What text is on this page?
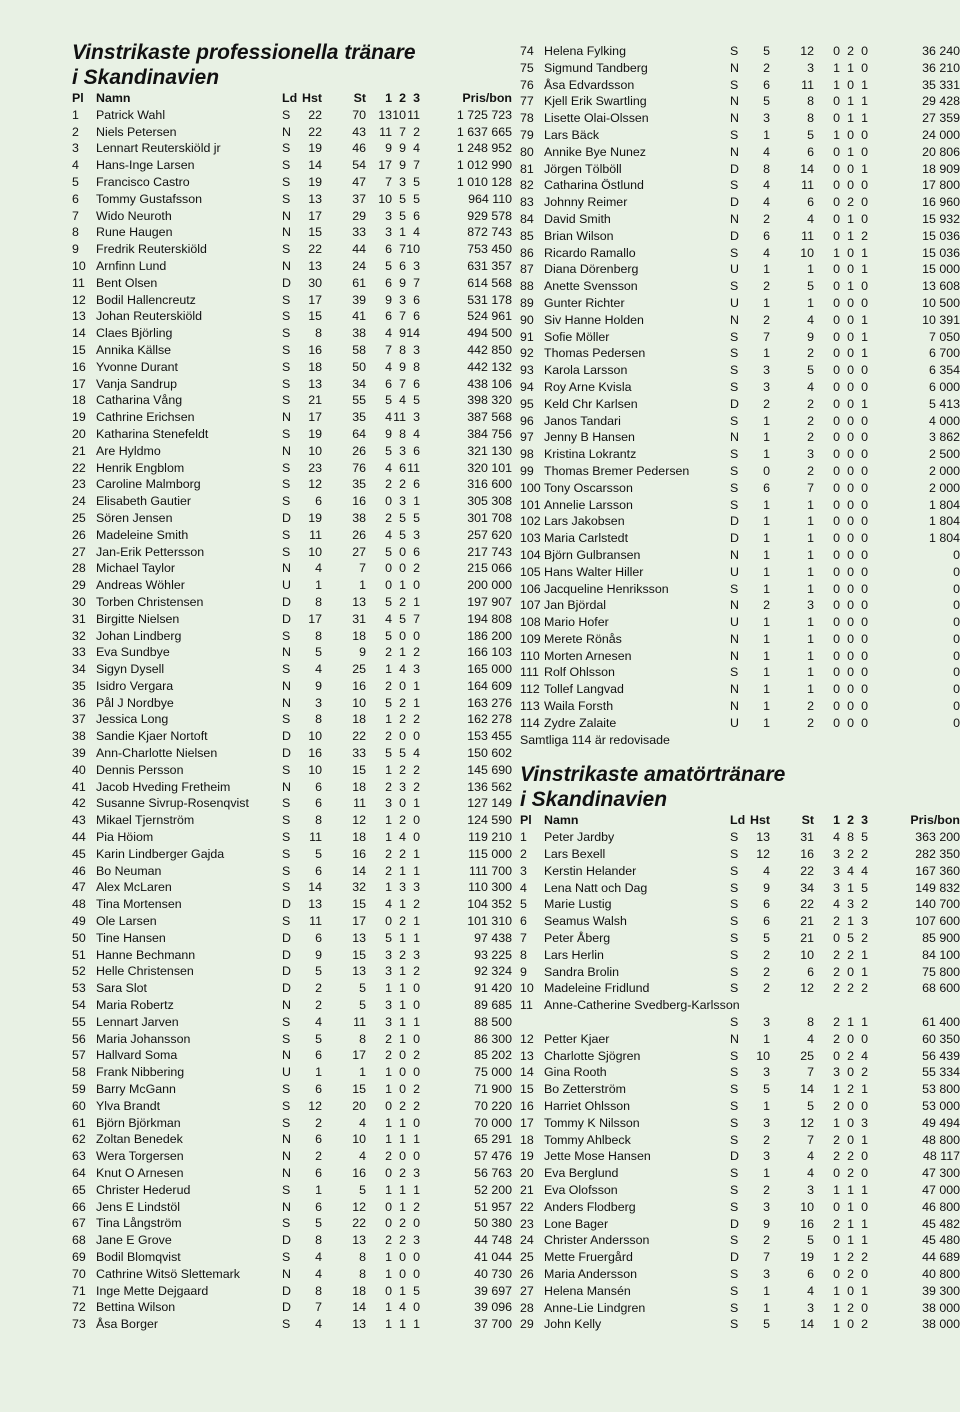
Vinstrikaste professionella tränare
i Skandinavien
Pl Namn	Ld Hst	St	1 2 3	Pris/bon
1	Patrick Wahl	S	22	70 13 10 11	1 725 723
2	Niels Petersen	N	22	43	11 7 2	1 637 665
3	Lennart Reuterskiöld jr	S	19	46	9 9 4	1 248 952
4	Hans-Inge Larsen	S	14	54 17 9 7	1 012 990
5	Francisco Castro	S	19	47	7 3 5	1 010 128
6	Tommy Gustafsson	S	13	37 10 5 5	964 110
7	Wido Neuroth	N	17	29	3 5 6	929 578
8	Rune Haugen	N	15	33	3 1 4	872 743
9	Fredrik Reuterskiöld	S	22	44	6 7 10	753 450
10 Arnfinn Lund	N	13	24	5 6 3	631 357
11 Bent Olsen	D	30	61	6 9 7	614 568
12 Bodil Hallencreutz	S	17	39	9 3 6	531 178
13 Johan Reuterskiöld	S	15	41	6 7 6	524 961
14 Claes Björling	S	8	38	4 9 14	494 500
15 Annika Källse	S	16	58	7 8 3	442 850
16 Yvonne Durant	S	18	50	4 9 8	442 132
17 Vanja Sandrup	S	13	34	6 7 6	438 106
18 Catharina Vång	S	21	55	5 4 5	398 320
19 Cathrine Erichsen	N	17	35	4 11 3	387 568
20 Katharina Stenefeldt	S	19	64	9 8 4	384 756
21 Are Hyldmo	N	10	26	5 3 6	321 130
22 Henrik Engblom	S	23	76	4 6 11	320 101
23 Caroline Malmborg	S	12	35	2 2 6	316 600
24 Elisabeth Gautier	S	6	16	0 3 1	305 308
25 Sören Jensen	D	19	38	2 5 5	301 708
26 Madeleine Smith	S	11	26	4 5 3	257 620
27 Jan-Erik Pettersson	S	10	27	5 0 6	217 743
28 Michael Taylor	N	4	7	0 0 2	215 066
29 Andreas Wöhler	U	1	1	0 1 0	200 000
30 Torben Christensen	D	8	13	5 2 1	197 907
31 Birgitte Nielsen	D	17	31	4 5 7	194 808
32 Johan Lindberg	S	8	18	5 0 0	186 200
33 Eva Sundbye	N	5	9	2 1 2	166 103
34 Sigyn Dysell	S	4	25	1 4 3	165 000
35 Isidro Vergara	N	9	16	2 0 1	164 609
36 Pål J Nordbye	N	3	10	5 2 1	163 276
37 Jessica Long	S	8	18	1 2 2	162 278
38 Sandie Kjaer Nortoft	D	10	22	2 0 0	153 455
39 Ann-Charlotte Nielsen	D	16	33	5 5 4	150 602
40 Dennis Persson	S	10	15	1 2 2	145 690
41 Jacob Hveding Fretheim	N	6	18	2 3 2	136 562
42 Susanne Sivrup-Rosenqvist	S	6	11	3 0 1	127 149
43 Mikael Tjernström	S	8	12	1 2 0	124 590
44 Pia Höiom	S	11	18	1 4 0	119 210
45 Karin Lindberger Gajda	S	5	16	2 2 1	115 000
46 Bo Neuman	S	6	14	2 1 1	111 700
47 Alex McLaren	S	14	32	1 3 3	110 300
48 Tina Mortensen	D	13	15	4 1 2	104 352
49 Ole Larsen	S	11	17	0 2 1	101 310
50 Tine Hansen	D	6	13	5 1 1	97 438
51 Hanne Bechmann	D	9	15	3 2 3	93 225
52 Helle Christensen	D	5	13	3 1 2	92 324
53 Sara Slot	D	2	5	1 1 0	91 420
54 Maria Robertz	N	2	5	3 1 0	89 685
55 Lennart Jarven	S	4	11	3 1 1	88 500
56 Maria Johansson	S	5	8	2 1 0	86 300
57 Hallvard Soma	N	6	17	2 0 2	85 202
58 Frank Nibbering	U	1	1	1 0 0	75 000
59 Barry McGann	S	6	15	1 0 2	71 900
60 Ylva Brandt	S	12	20	0 2 2	70 220
61 Björn Björkman	S	2	4	1 1 0	70 000
62 Zoltan Benedek	N	6	10	1 1 1	65 291
63 Wera Torgersen	N	2	4	2 0 0	57 476
64 Knut O Arnesen	N	6	16	0 2 3	56 763
65 Christer Hederud	S	1	5	1 1 1	52 200
66 Jens E Lindstöl	N	6	12	0 1 2	51 957
67 Tina Långström	S	5	22	0 2 0	50 380
68 Jane E Grove	D	8	13	2 2 3	44 748
69 Bodil Blomqvist	S	4	8	1 0 0	41 044
70 Cathrine Witsö Slettemark	N	4	8	1 0 0	40 730
71 Inge Mette Dejgaard	D	8	18	0 1 5	39 697
72 Bettina Wilson	D	7	14	1 4 0	39 096
73 Åsa Borger	S	4	13	1 1 1	37 700
74 Helena Fylking	S	5	12	0 2 0	36 240
75 Sigmund Tandberg	N	2	3	1 1 0	36 210
76 Åsa Edvardsson	S	6	11	1 0 1	35 331
77 Kjell Erik Swartling	N	5	8	0 1 1	29 428
78 Lisette Olai-Olssen	N	3	8	0 1 1	27 359
79 Lars Bäck	S	1	5	1 0 0	24 000
80 Annike Bye Nunez	N	4	6	0 1 0	20 806
81 Jörgen Tölböll	D	8	14	0 0 1	18 909
82 Catharina Östlund	S	4	11	0 0 0	17 800
83 Johnny Reimer	D	4	6	0 2 0	16 960
84 David Smith	N	2	4	0 1 0	15 932
85 Brian Wilson	D	6	11	0 1 2	15 036
86 Ricardo Ramallo	S	4	10	1 0 1	15 036
87 Diana Dörenberg	U	1	1	0 0 1	15 000
88 Anette Svensson	S	2	5	0 1 0	13 608
89 Gunter Richter	U	1	1	0 0 0	10 500
90 Siv Hanne Holden	N	2	4	0 0 1	10 391
91 Sofie Möller	S	7	9	0 0 1	7 050
92 Thomas Pedersen	S	1	2	0 0 1	6 700
93 Karola Larsson	S	3	5	0 0 0	6 354
94 Roy Arne Kvisla	S	3	4	0 0 0	6 000
95 Keld Chr Karlsen	D	2	2	0 0 1	5 413
96 Janos Tandari	S	1	2	0 0 0	4 000
97 Jenny B Hansen	N	1	2	0 0 0	3 862
98 Kristina Lokrantz	S	1	3	0 0 0	2 500
99 Thomas Bremer Pedersen	S	0	2	0 0 0	2 000
100 Tony Oscarsson	S	6	7	0 0 0	2 000
101 Annelie Larsson	S	1	1	0 0 0	1 804
102 Lars Jakobsen	D	1	1	0 0 0	1 804
103 Maria Carlstedt	D	1	1	0 0 0	1 804
104 Björn Gulbransen	N	1	1	0 0 0	0
105 Hans Walter Hiller	U	1	1	0 0 0	0
106 Jacqueline Henriksson	S	1	1	0 0 0	0
107 Jan Björdal	N	2	3	0 0 0	0
108 Mario Hofer	U	1	1	0 0 0	0
109 Merete Rönås	N	1	1	0 0 0	0
110 Morten Arnesen	N	1	1	0 0 0	0
111 Rolf Ohlsson	S	1	1	0 0 0	0
112 Tollef Langvad	N	1	1	0 0 0	0
113 Waila Forsth	N	1	2	0 0 0	0
114 Zydre Zalaite	U	1	2	0 0 0	0
Samtliga 114 är redovisade
Vinstrikaste amatörtränare
i Skandinavien
Pl Namn	Ld Hst	St	1 2 3	Pris/bon
1	Peter Jardby	S	13	31	4 8 5	363 200
2	Lars Bexell	S	12	16	3 2 2	282 350
3	Kerstin Helander	S	4	22	3 4 4	167 360
4	Lena Natt och Dag	S	9	34	3 1 5	149 832
5	Marie Lustig	S	6	22	4 3 2	140 700
6	Seamus Walsh	S	6	21	2 1 3	107 600
7	Peter Åberg	S	5	21	0 5 2	85 900
8	Lars Herlin	S	2	10	2 2 1	84 100
9	Sandra Brolin	S	2	6	2 0 1	75 800
10 Madeleine Fridlund	S	2	12	2 2 2	68 600
11 Anne-Catherine Svedberg-Karlsson
S	3	8	2 1 1	61 400
12 Petter Kjaer	N	1	4	2 0 0	60 350
13 Charlotte Sjögren	S	10	25	0 2 4	56 439
14 Gina Rooth	S	3	7	3 0 2	55 334
15 Bo Zetterström	S	5	14	1 2 1	53 800
16 Harriet Ohlsson	S	1	5	2 0 0	53 000
17 Tommy K Nilsson	S	3	12	1 0 3	49 494
18 Tommy Ahlbeck	S	2	7	2 0 1	48 800
19 Jette Mose Hansen	D	3	4	2 2 0	48 117
20 Eva Berglund	S	1	4	0 2 0	47 300
21 Eva Olofsson	S	2	3	1 1 1	47 000
22 Anders Flodberg	S	3	10	0 1 0	46 800
23 Lone Bager	D	9	16	2 1 1	45 482
24 Christer Andersson	S	2	5	0 1 1	45 480
25 Mette Fruergård	D	7	19	1 2 2	44 689
26 Maria Andersson	S	3	6	0 2 0	40 800
27 Helena Mansén	S	1	4	1 0 1	39 300
28 Anne-Lie Lindgren	S	1	3	1 2 0	38 000
29 John Kelly	S	5	14	1 0 2	38 000
